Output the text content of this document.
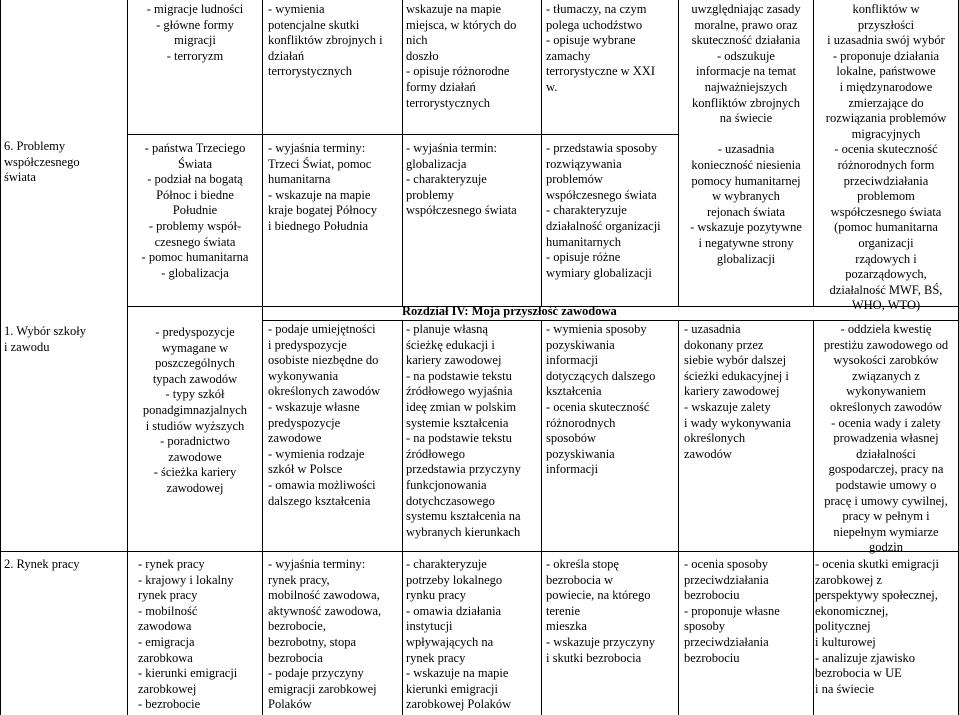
- migracje ludności
- główne formy
migracji
- terroryzm

- wymienia
potencjalne skutki
konfliktów zbrojnych i
działań
terrorystycznych

wskazuje na mapie
miejsca, w których do
nich
doszło
- opisuje różnorodne
formy działań
terrorystycznych

- tłumaczy, na czym
polega uchodźstwo
- opisuje wybrane
zamachy
terrorystyczne w XXI
w.

uwzględniając zasady
moralne, prawo oraz
skuteczność działania
- odszukuje
informacje na temat
najważniejszych
konfliktów zbrojnych
na świecie

- uzasadnia
konieczność niesienia
pomocy humanitarnej
w wybranych
rejonach świata
- wskazuje pozytywne
i negatywne strony
globalizacji

konfliktów w
przyszłości
i uzasadnia swój wybór
- proponuje działania
lokalne, państwowe
i międzynarodowe
zmierzające do
rozwiązania problemów
migracyjnych
- ocenia skuteczność
różnorodnych form
przeciwdziałania
problemom
współczesnego świata
(pomoc humanitarna
organizacji
rządowych i
pozarządowych,
działalność MWF, BŚ,
WHO, WTO)

6. Problemy
współczesnego
świata

- państwa Trzeciego
Świata
- podział na bogatą
Północ i biedne
Południe
- problemy współ-
czesnego świata
- pomoc humanitarna
- globalizacja

- wyjaśnia terminy:
Trzeci Świat, pomoc
humanitarna
- wskazuje na mapie
kraje bogatej Północy
i biednego Południa

- wyjaśnia termin:
globalizacja
- charakteryzuje
problemy
współczesnego świata

- przedstawia sposoby
rozwiązywania
problemów
współczesnego świata
- charakteryzuje
działalność organizacji
humanitarnych
- opisuje różne
wymiary globalizacji

Rozdział IV: Moja przyszłość zawodowa

1. Wybór szkoły
i zawodu

- predyspozycje
wymagane w
poszczególnych
typach zawodów
- typy szkół
ponadgimnazjalnych
i studiów wyższych
- poradnictwo
zawodowe
- ścieżka kariery
zawodowej

- podaje umiejętności
i predyspozycje
osobiste niezbędne do
wykonywania
określonych zawodów
- wskazuje własne
predyspozycje
zawodowe
- wymienia rodzaje
szkół w Polsce
- omawia możliwości
dalszego kształcenia

- planuje własną
ścieżkę edukacji i
kariery zawodowej
- na podstawie tekstu
źródłowego wyjaśnia
ideę zmian w polskim
systemie kształcenia
- na podstawie tekstu
źródłowego
przedstawia przyczyny
funkcjonowania
dotychczasowego
systemu kształcenia na
wybranych kierunkach

- wymienia sposoby
pozyskiwania
informacji
dotyczących dalszego
kształcenia
- ocenia skuteczność
różnorodnych
sposobów
pozyskiwania
informacji

- uzasadnia
dokonany przez
siebie wybór dalszej
ścieżki edukacyjnej i
kariery zawodowej
- wskazuje zalety
i wady wykonywania
określonych
zawodów

- oddziela kwestię
prestiżu zawodowego od
wysokości zarobków
związanych z
wykonywaniem
określonych zawodów
- ocenia wady i zalety
prowadzenia własnej
działalności
gospodarczej, pracy na
podstawie umowy o
pracę i umowy cywilnej,
pracy w pełnym i
niepełnym wymiarze
godzin

2. Rynek pracy	- rynek pracy
- krajowy i lokalny
rynek pracy
- mobilność
zawodowa
- emigracja
zarobkowa
- kierunki emigracji
zarobkowej
- bezrobocie

- wyjaśnia terminy:
rynek pracy,
mobilność zawodowa,
aktywność zawodowa,
bezrobocie,
bezrobotny, stopa
bezrobocia
- podaje przyczyny
emigracji zarobkowej
Polaków

- charakteryzuje
potrzeby lokalnego
rynku pracy
- omawia działania
instytucji
wpływających na
rynek pracy
- wskazuje na mapie
kierunki emigracji
zarobkowej Polaków

- określa stopę
bezrobocia w
powiecie, na którego
terenie
mieszka
- wskazuje przyczyny
i skutki bezrobocia

- ocenia sposoby
przeciwdziałania
bezrobociu
- proponuje własne
sposoby
przeciwdziałania
bezrobociu

- ocenia skutki emigracji
zarobkowej z
perspektywy społecznej,
ekonomicznej,
politycznej
i kulturowej
- analizuje zjawisko
bezrobocia w UE
i na świecie
